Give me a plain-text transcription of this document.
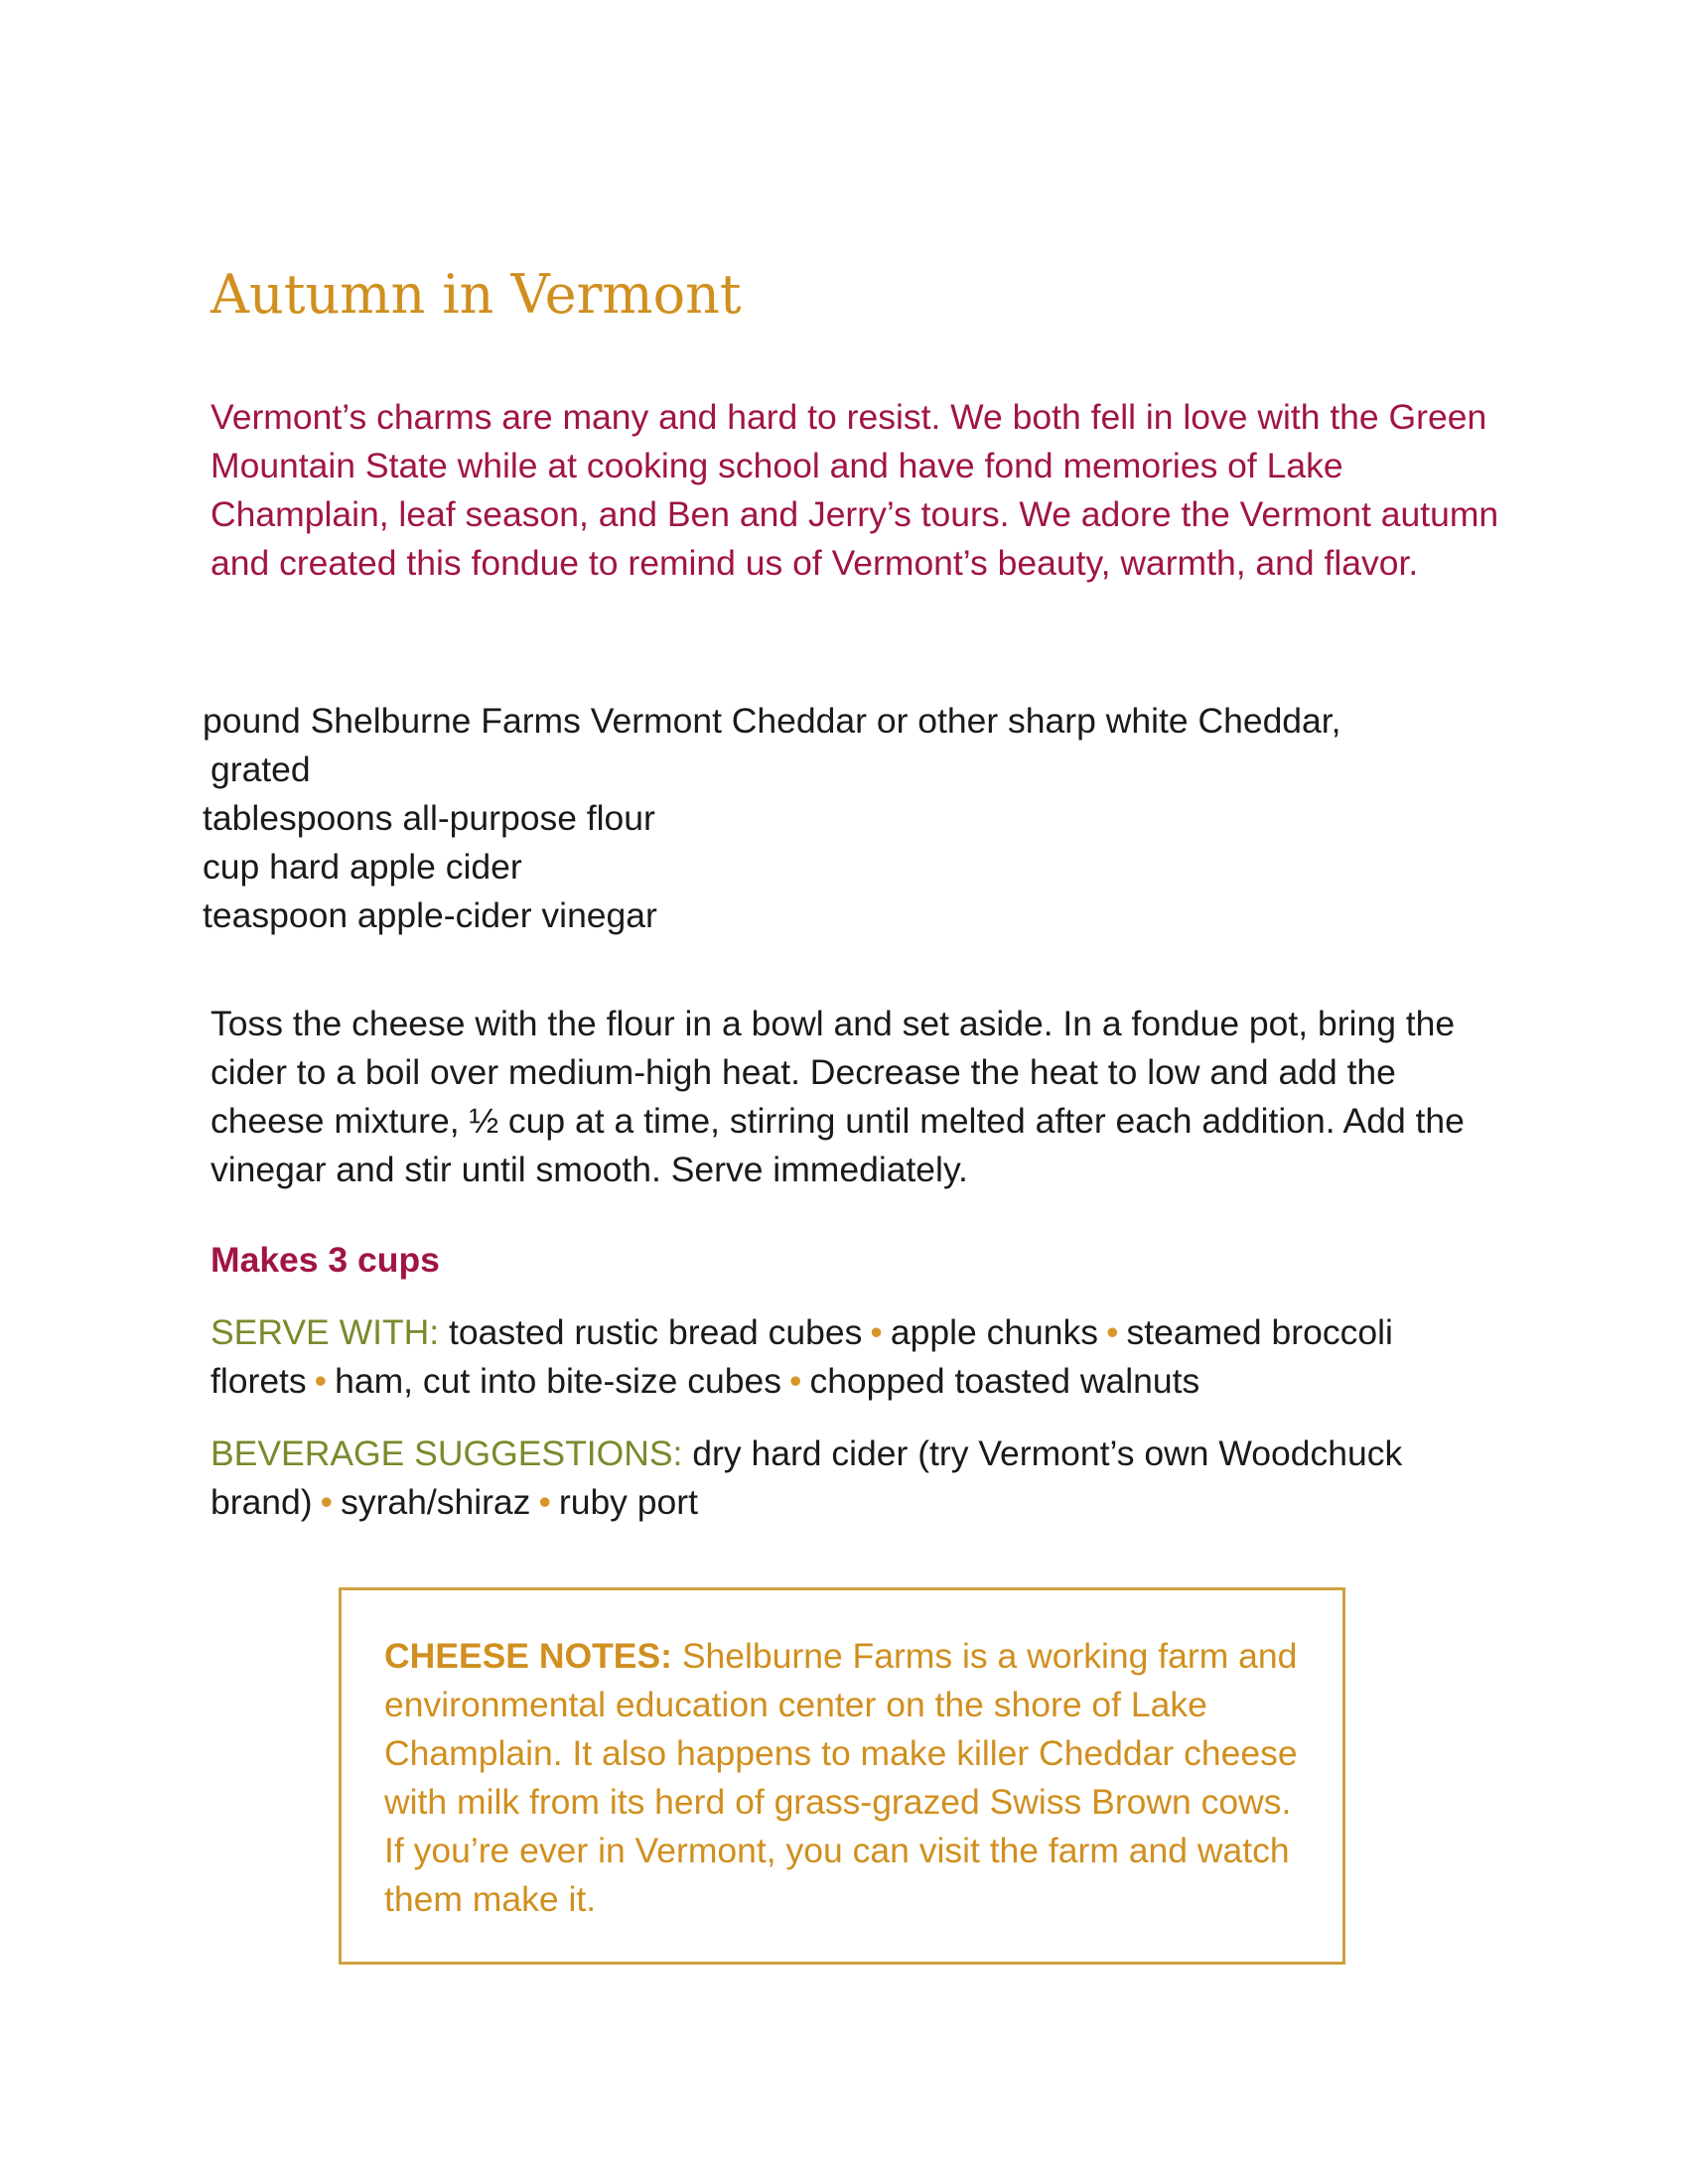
Autumn in Vermont

Vermont’s charms are many and hard to resist. We both fell in love with the Green Mountain State while at cooking school and have fond memories of Lake Champlain, leaf season, and Ben and Jerry’s tours. We adore the Vermont autumn and created this fondue to remind us of Vermont’s beauty, warmth, and flavor.

pound Shelburne Farms Vermont Cheddar or other sharp white Cheddar,
grated
tablespoons all-purpose flour
cup hard apple cider
teaspoon apple-cider vinegar

Toss the cheese with the flour in a bowl and set aside. In a fondue pot, bring the cider to a boil over medium-high heat. Decrease the heat to low and add the cheese mixture, ½ cup at a time, stirring until melted after each addition. Add the vinegar and stir until smooth. Serve immediately.

Makes 3 cups

SERVE WITH: toasted rustic bread cubes • apple chunks • steamed broccoli florets • ham, cut into bite-size cubes • chopped toasted walnuts

BEVERAGE SUGGESTIONS: dry hard cider (try Vermont’s own Woodchuck brand) • syrah/shiraz • ruby port

CHEESE NOTES: Shelburne Farms is a working farm and environmental education center on the shore of Lake Champlain. It also happens to make killer Cheddar cheese with milk from its herd of grass-grazed Swiss Brown cows. If you’re ever in Vermont, you can visit the farm and watch them make it.
